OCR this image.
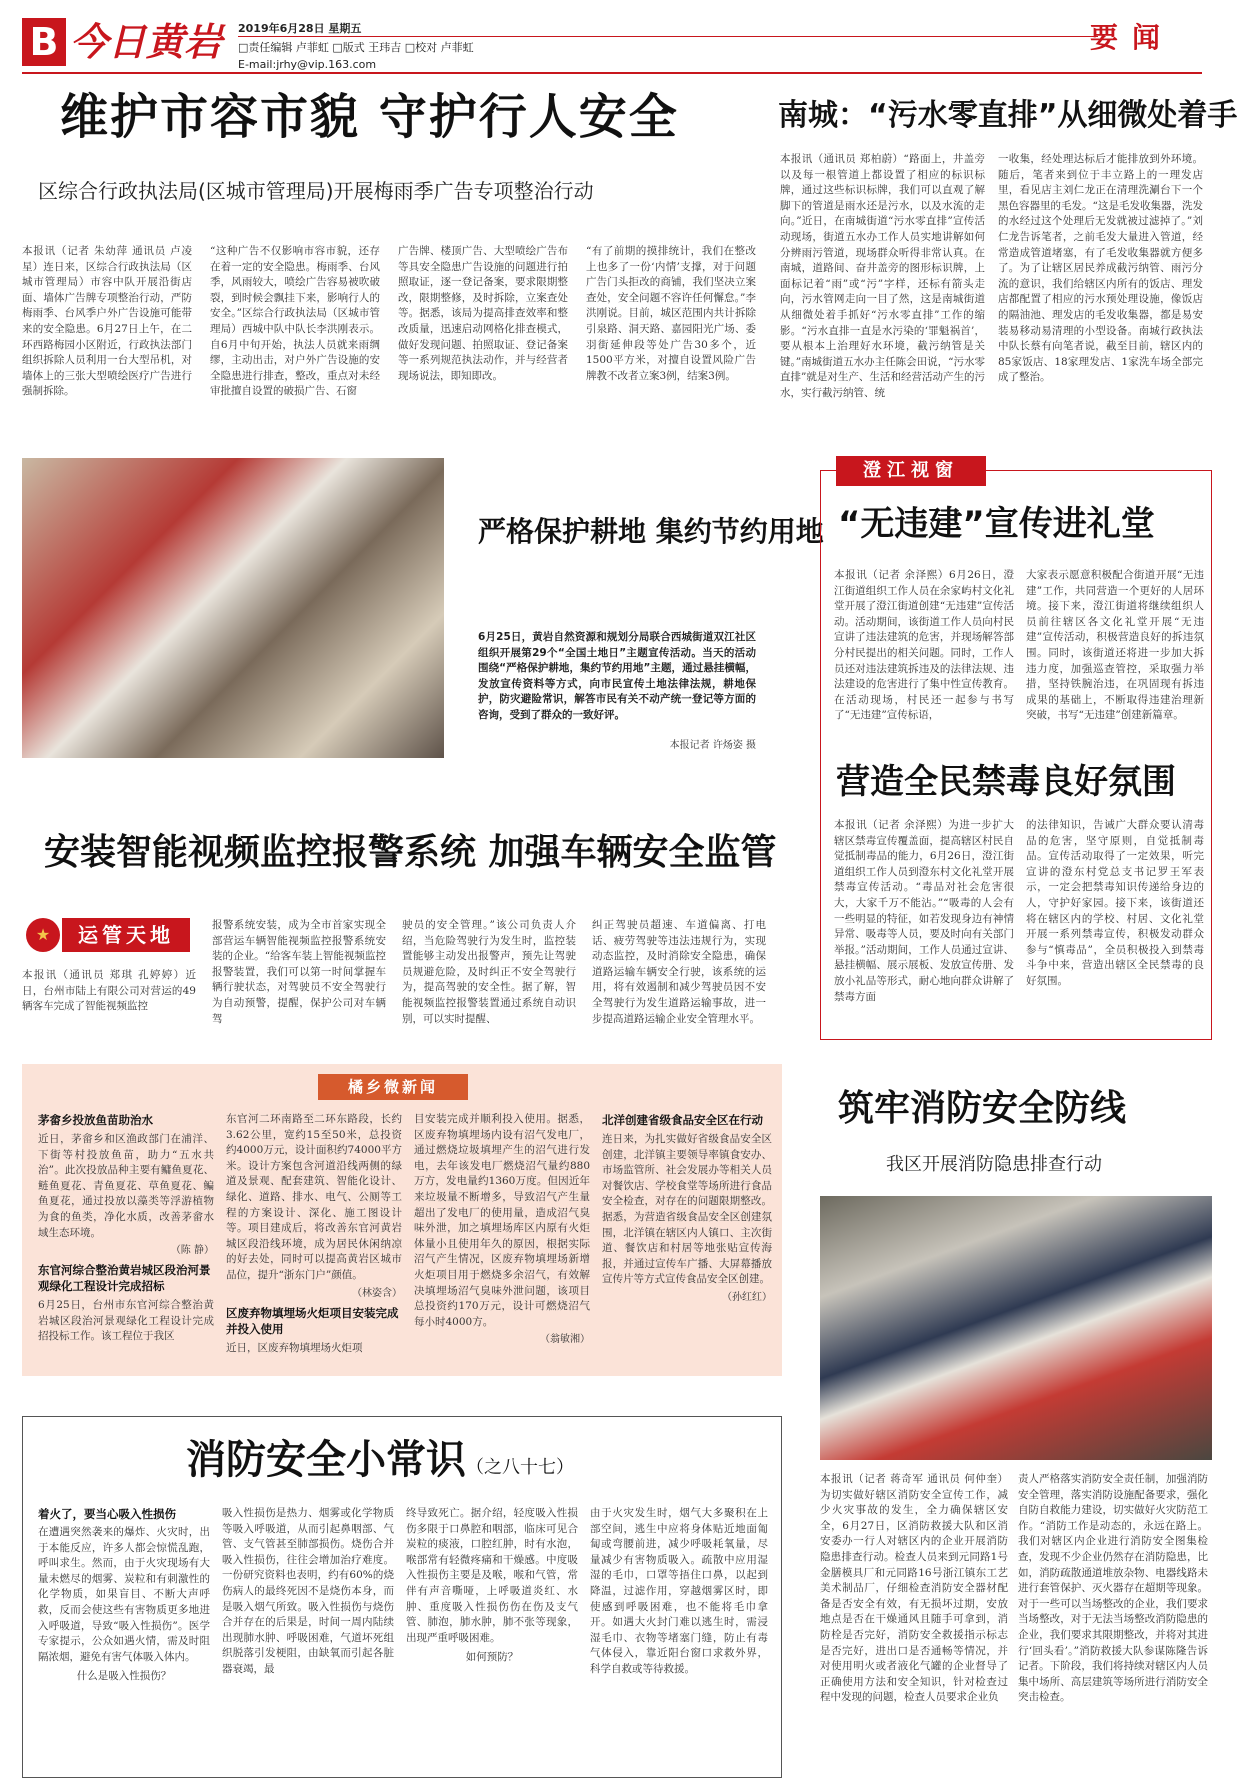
B 今日黄岩	2019年6月28日 星期五
□责任编辑 卢菲虹 □版式 王玮吉 □校对 卢菲虹
E-mail:jrhy@vip.163.com
要闻
维护市容市貌 守护行人安全
区综合行政执法局(区城市管理局)开展梅雨季广告专项整治行动
本报讯（记者 朱幼萍 通讯员 卢凌星）连日来，区综合行政执法局（区城市管理局）市容中队开展沿街店面、墙体广告牌专项整治行动，严防梅雨季、台风季户外广告设施可能带来的安全隐患。6月27日上午，在二环西路梅园小区附近，行政执法部门组织拆除人员利用一台大型吊机，对墙体上的三张大型喷绘医疗广告进行强制拆除。
“这种广告不仅影响市容市貌，还存在着一定的安全隐患。梅雨季、台风季，风雨较大，喷绘广告容易被吹破裂，到时候会飘挂下来，影响行人的安全。”区综合行政执法局（区城市管理局）西城中队中队长李洪刚表示。自6月中旬开始，执法人员就来雨绸缪，主动出击，对户外广告设施的安全隐患进行排查，整改，重点对未经审批擅自设置的破损广告、石窗
广告牌、楼顶广告、大型喷绘广告布等具安全隐患广告设施的问题进行拍照取证，逐一登记备案，要求限期整改，限期整修，及时拆除，立案查处等。据悉，该局为提高排查效率和整改质量，迅速启动网格化排查模式，做好发现问题、拍照取证、登记备案等一系列规范执法动作，并与经营者现场说法，即知即改。
“有了前期的摸排统计，我们在整改上也多了一份‘内情’支撑，对于问题广告门头拒改的商铺，我们坚决立案查处，安全问题不容许任何懈怠。”李洪刚说。目前，城区范围内共计拆除引泉路、洞天路、嘉园阳光广场、委羽街延伸段等处广告30多个，近1500平方米，对擅自设置风险广告牌教不改者立案3例，结案3例。
南城：“污水零直排”从细微处着手
本报讯（通讯员 郑柏蔚）“路面上，井盖旁以及每一根管道上都设置了相应的标识标牌，通过这些标识标牌，我们可以直观了解脚下的管道是雨水还是污水，以及水流的走向。”近日，在南城街道“污水零直排”宣传活动现场，街道五水办工作人员实地讲解如何分辨雨污管道，现场群众听得非常认真。在南城，道路间、奋井盖旁的图形标识牌，上面标记着“雨”或“污”字样，还标有箭头走向，污水管网走向一目了然，这是南城街道从细微处着手抓好“污水零直排”工作的缩影。“污水直排一直是水污染的‘罪魁祸首’，要从根本上治理好水环境，截污纳管是关键。”南城街道五水办主任陈会田说，“污水零直排”就是对生产、生活和经营活动产生的污水，实行截污纳管、统
一收集，经处理达标后才能排放到外环境。随后，笔者来到位于丰立路上的一理发店里，看见店主刘仁龙正在清理洗涮台下一个黑色容器里的毛发。“这是毛发收集器，洗发的水经过这个处理后无发就被过滤掉了。”刘仁龙告诉笔者，之前毛发大量进入管道，经常造成管道堵塞，有了毛发收集器就方便多了。为了让辖区居民养成截污纳管、雨污分流的意识，我们给辖区内所有的饭店、理发店都配置了相应的污水预处理设施，像饭店的隔油池、理发店的毛发收集器，都是易安装易移动易清理的小型设备。南城行政执法中队长蔡有向笔者说，截至目前，辖区内的85家饭店、18家理发店、1家洗车场全部完成了整治。
严格保护耕地 集约节约用地
6月25日，黄岩自然资源和规划分局联合西城街道双江社区组织开展第29个“全国土地日”主题宣传活动。当天的活动围绕“严格保护耕地，集约节约用地”主题，通过悬挂横幅，发放宣传资料等方式，向市民宣传土地法律法规，耕地保护，防灾避险常识，解答市民有关不动产统一登记等方面的咨询，受到了群众的一致好评。
本报记者 许炀姿 摄
澄江视窗
“无违建”宣传进礼堂
本报讯（记者 余泽熙）6月26日，澄江街道组织工作人员在余家屿村文化礼堂开展了澄江街道创建“无违建”宣传活动。活动期间，该街道工作人员向村民宣讲了违法建筑的危害，并现场解答部分村民提出的相关问题。同时，工作人员还对违法建筑拆违及的法律法规、违法建设的危害进行了集中性宣传教育。在活动现场，村民还一起参与书写了“无违建”宣传标语，
大家表示愿意积极配合街道开展“无违建”工作，共同营造一个更好的人居环境。接下来，澄江街道将继续组织人员前往辖区各文化礼堂开展“无违建”宣传活动，积极营造良好的拆违氛围。同时，该街道还将进一步加大拆违力度，加强巡查管控，采取强力举措，坚持铁腕治违，在巩固现有拆违成果的基础上，不断取得违建治理新突破，书写“无违建”创建新篇章。
营造全民禁毒良好氛围
本报讯（记者 余泽熙）为进一步扩大辖区禁毒宣传覆盖面，提高辖区村民自觉抵制毒品的能力，6月26日，澄江街道组织工作人员到澄东村文化礼堂开展禁毒宣传活动。“毒品对社会危害很大，大家千万不能沾。”“吸毒的人会有一些明显的特征，如若发现身边有神情异常、吸毒等人员，要及时向有关部门举报。”活动期间，工作人员通过宣讲、悬挂横幅、展示展板、发放宣传册、发放小礼品等形式，耐心地向群众讲解了禁毒方面
的法律知识，告诫广大群众要认清毒品的危害，坚守原则，自觉抵制毒品。宣传活动取得了一定效果，听完宣讲的澄东村党总支书记罗王军表示，一定会把禁毒知识传递给身边的人，守护好家园。接下来，该街道还将在辖区内的学校、村居、文化礼堂开展一系列禁毒宣传，积极发动群众参与“慎毒品”，全员积极投入到禁毒斗争中来，营造出辖区全民禁毒的良好氛围。
安装智能视频监控报警系统 加强车辆安全监管
★	运管天地
本报讯（通讯员 郑琪 孔婷婷）近日，台州市陆上有限公司对营运的49辆客车完成了智能视频监控
报警系统安装，成为全市首家实现全部营运车辆智能视频监控报警系统安装的企业。“给客车装上智能视频监控报警装置，我们可以第一时间掌握车辆行驶状态，对驾驶员不安全驾驶行为自动预警，提醒，保护公司对车辆驾
驶员的安全管理。”该公司负责人介绍，当危险驾驶行为发生时，监控装置能够主动发出报警声，预先让驾驶员规避危险，及时纠正不安全驾驶行为，提高驾驶的安全性。据了解，智能视频监控报警装置通过系统自动识别，可以实时提醒、
纠正驾驶员超速、车道偏离、打电话、疲劳驾驶等违法违规行为，实现动态监控，及时消除安全隐患，确保道路运输车辆安全行驶，该系统的运用，将有效遏制和减少驾驶员因不安全驾驶行为发生道路运输事故，进一步提高道路运输企业安全管理水平。
橘乡微新闻
茅畲乡投放鱼苗助治水
近日，茅畲乡和区渔政部门在浦洋、下街等村投放鱼苗，助力“五水共治”。此次投放品种主要有鳙鱼夏花、鲢鱼夏花、青鱼夏花、草鱼夏花、鳊鱼夏花，通过投放以藻类等浮游植物为食的鱼类，净化水质，改善茅畲水域生态环境。
（陈 静）
东官河综合整治黄岩城区段治河景观绿化工程设计完成招标
6月25日，台州市东官河综合整治黄岩城区段治河景观绿化工程设计完成招投标工作。该工程位于我区
东官河二环南路至二环东路段，长约3.62公里，宽约15至50米，总投资约4000万元，设计面积约74000平方米。设计方案包含河道沿线两侧的绿道及景观、配套建筑、智能化设计、绿化、道路、排水、电气、公厕等工程的方案设计、深化、施工图设计等。项目建成后，将改善东官河黄岩城区段沿线环境，成为居民休闲纳凉的好去处，同时可以提高黄岩区城市品位，提升“浙东门户”颜值。
（林姿含）
区废弃物填埋场火炬项目安装完成并投入使用
近日，区废弃物填埋场火炬项
目安装完成并顺利投入使用。据悉，区废弃物填埋场内设有沼气发电厂，通过燃烧垃圾填埋产生的沼气进行发电，去年该发电厂燃烧沼气量约880万方，发电量约1360万度。但因近年来垃圾量不断增多，导致沼气产生量超出了发电厂的使用量，造成沼气臭味外泄，加之填埋场库区内原有火炬体量小且使用年久的原因，根据实际沼气产生情况，区废弃物填埋场新增火炬项目用于燃烧多余沼气，有效解决填埋场沼气臭味外泄问题，该项目总投资约170万元，设计可燃烧沼气每小时4000方。
（翁敏湘）
北洋创建省级食品安全区在行动
连日来，为扎实做好省级食品安全区创建，北洋镇主要领导率镇食安办、市场监管所、社会发展办等相关人员对餐饮店、学校食堂等场所进行食品安全检查，对存在的问题限期整改。据悉，为营造省级食品安全区创建氛围，北洋镇在辖区内人镇口、主次街道、餐饮店和村居等地张贴宣传海报，并通过宣传车广播、大屏幕播放宣传片等方式宣传食品安全区创建。
（孙红红）
筑牢消防安全防线
我区开展消防隐患排查行动
本报讯（记者 蒋奇军 通讯员 何仲奎）为切实做好辖区消防安全宣传工作，减少火灾事故的发生，全力确保辖区安全，6月27日，区消防救援大队和区消安委办一行人对辖区内的企业开展消防隐患排查行动。检查人员来到元同路1号金膳模具厂和元同路16号浙江镇东工艺美术制品厂，仔细检查消防安全器材配备是否安全有效，有无损坏过期，安放地点是否在干燥通风且随手可拿到，消防栓是否完好，消防安全救援指示标志是否完好，进出口是否通畅等情况，并对使用明火或者液化气罐的企业督导了正确使用方法和安全知识，针对检查过程中发现的问题，检查人员要求企业负
责人严格落实消防安全责任制，加强消防安全管理，落实消防设施配备要求，强化自防自救能力建设，切实做好火灾防范工作。“消防工作是动态的，永远在路上。我们对辖区内企业进行消防安全图集检查，发现不少企业仍然存在消防隐患，比如，消防疏散通道堆放杂物、电器线路未进行套管保护、灭火器存在超期等现象。对于一些可以当场整改的企业，我们要求当场整改，对于无法当场整改消防隐患的企业，我们要求其限期整改，并将对其进行‘回头看’。”消防救援大队参谋陈隆告诉记者。下阶段，我们将持续对辖区内人员集中场所、高层建筑等场所进行消防安全突击检查。
消防安全小常识（之八十七）
着火了，要当心吸入性损伤
在遭遇突然袭来的爆炸、火灾时，出于本能反应，许多人都会惊慌乱跑，呼叫求生。然而，由于火灾现场有大量未燃尽的烟雾、炭粒和有刺激性的化学物质，如果盲目、不断大声呼救，反而会使这些有害物质更多地进入呼吸道，导致“吸入性损伤”。医学专家提示，公众如遇火情，需及时阻隔浓烟，避免有害气体吸入体内。
什么是吸入性损伤？
吸入性损伤是热力、烟雾或化学物质等吸入呼吸道，从而引起鼻咽部、气管、支气管甚至肺部损伤。烧伤合并吸入性损伤，往往会增加治疗难度。一份研究资料也表明，约有60%的烧伤病人的最终死因不是烧伤本身，而是吸入烟气所致。吸入性损伤与烧伤合并存在的后果是，时间一周内陆续出现肺水肿、呼吸困难，气道坏死组织脱落引发梗阻，由缺氧而引起各脏器衰竭，最
终导致死亡。据介绍，轻度吸入性损伤多限于口鼻腔和咽部，临床可见合炭粒的痰液，口腔红肿，时有水泡，喉部常有轻微疼痛和干燥感。中度吸入性损伤主要是及喉，喉和气管，常伴有声音嘶哑，上呼吸道炎红、水肿、重度吸入性损伤伤在伤及支气管、肺泡，肺水肿，肺不张等现象，出现严重呼吸困难。
如何预防？
由于火灾发生时，烟气大多聚积在上部空间，逃生中应将身体贴近地面匍匐或弯腰前进，减少呼吸耗氧量，尽量减少有害物质吸入。疏散中应用湿湿的毛巾，口罩等捂住口鼻，以起到降温，过滤作用，穿越烟雾区时，即使感到呼吸困难，也不能将毛巾拿开。如遇大火封门难以逃生时，需浸湿毛巾、衣物等堵塞门缝，防止有毒气体侵入，靠近阳台窗口求救外界，科学自救或等待救援。
